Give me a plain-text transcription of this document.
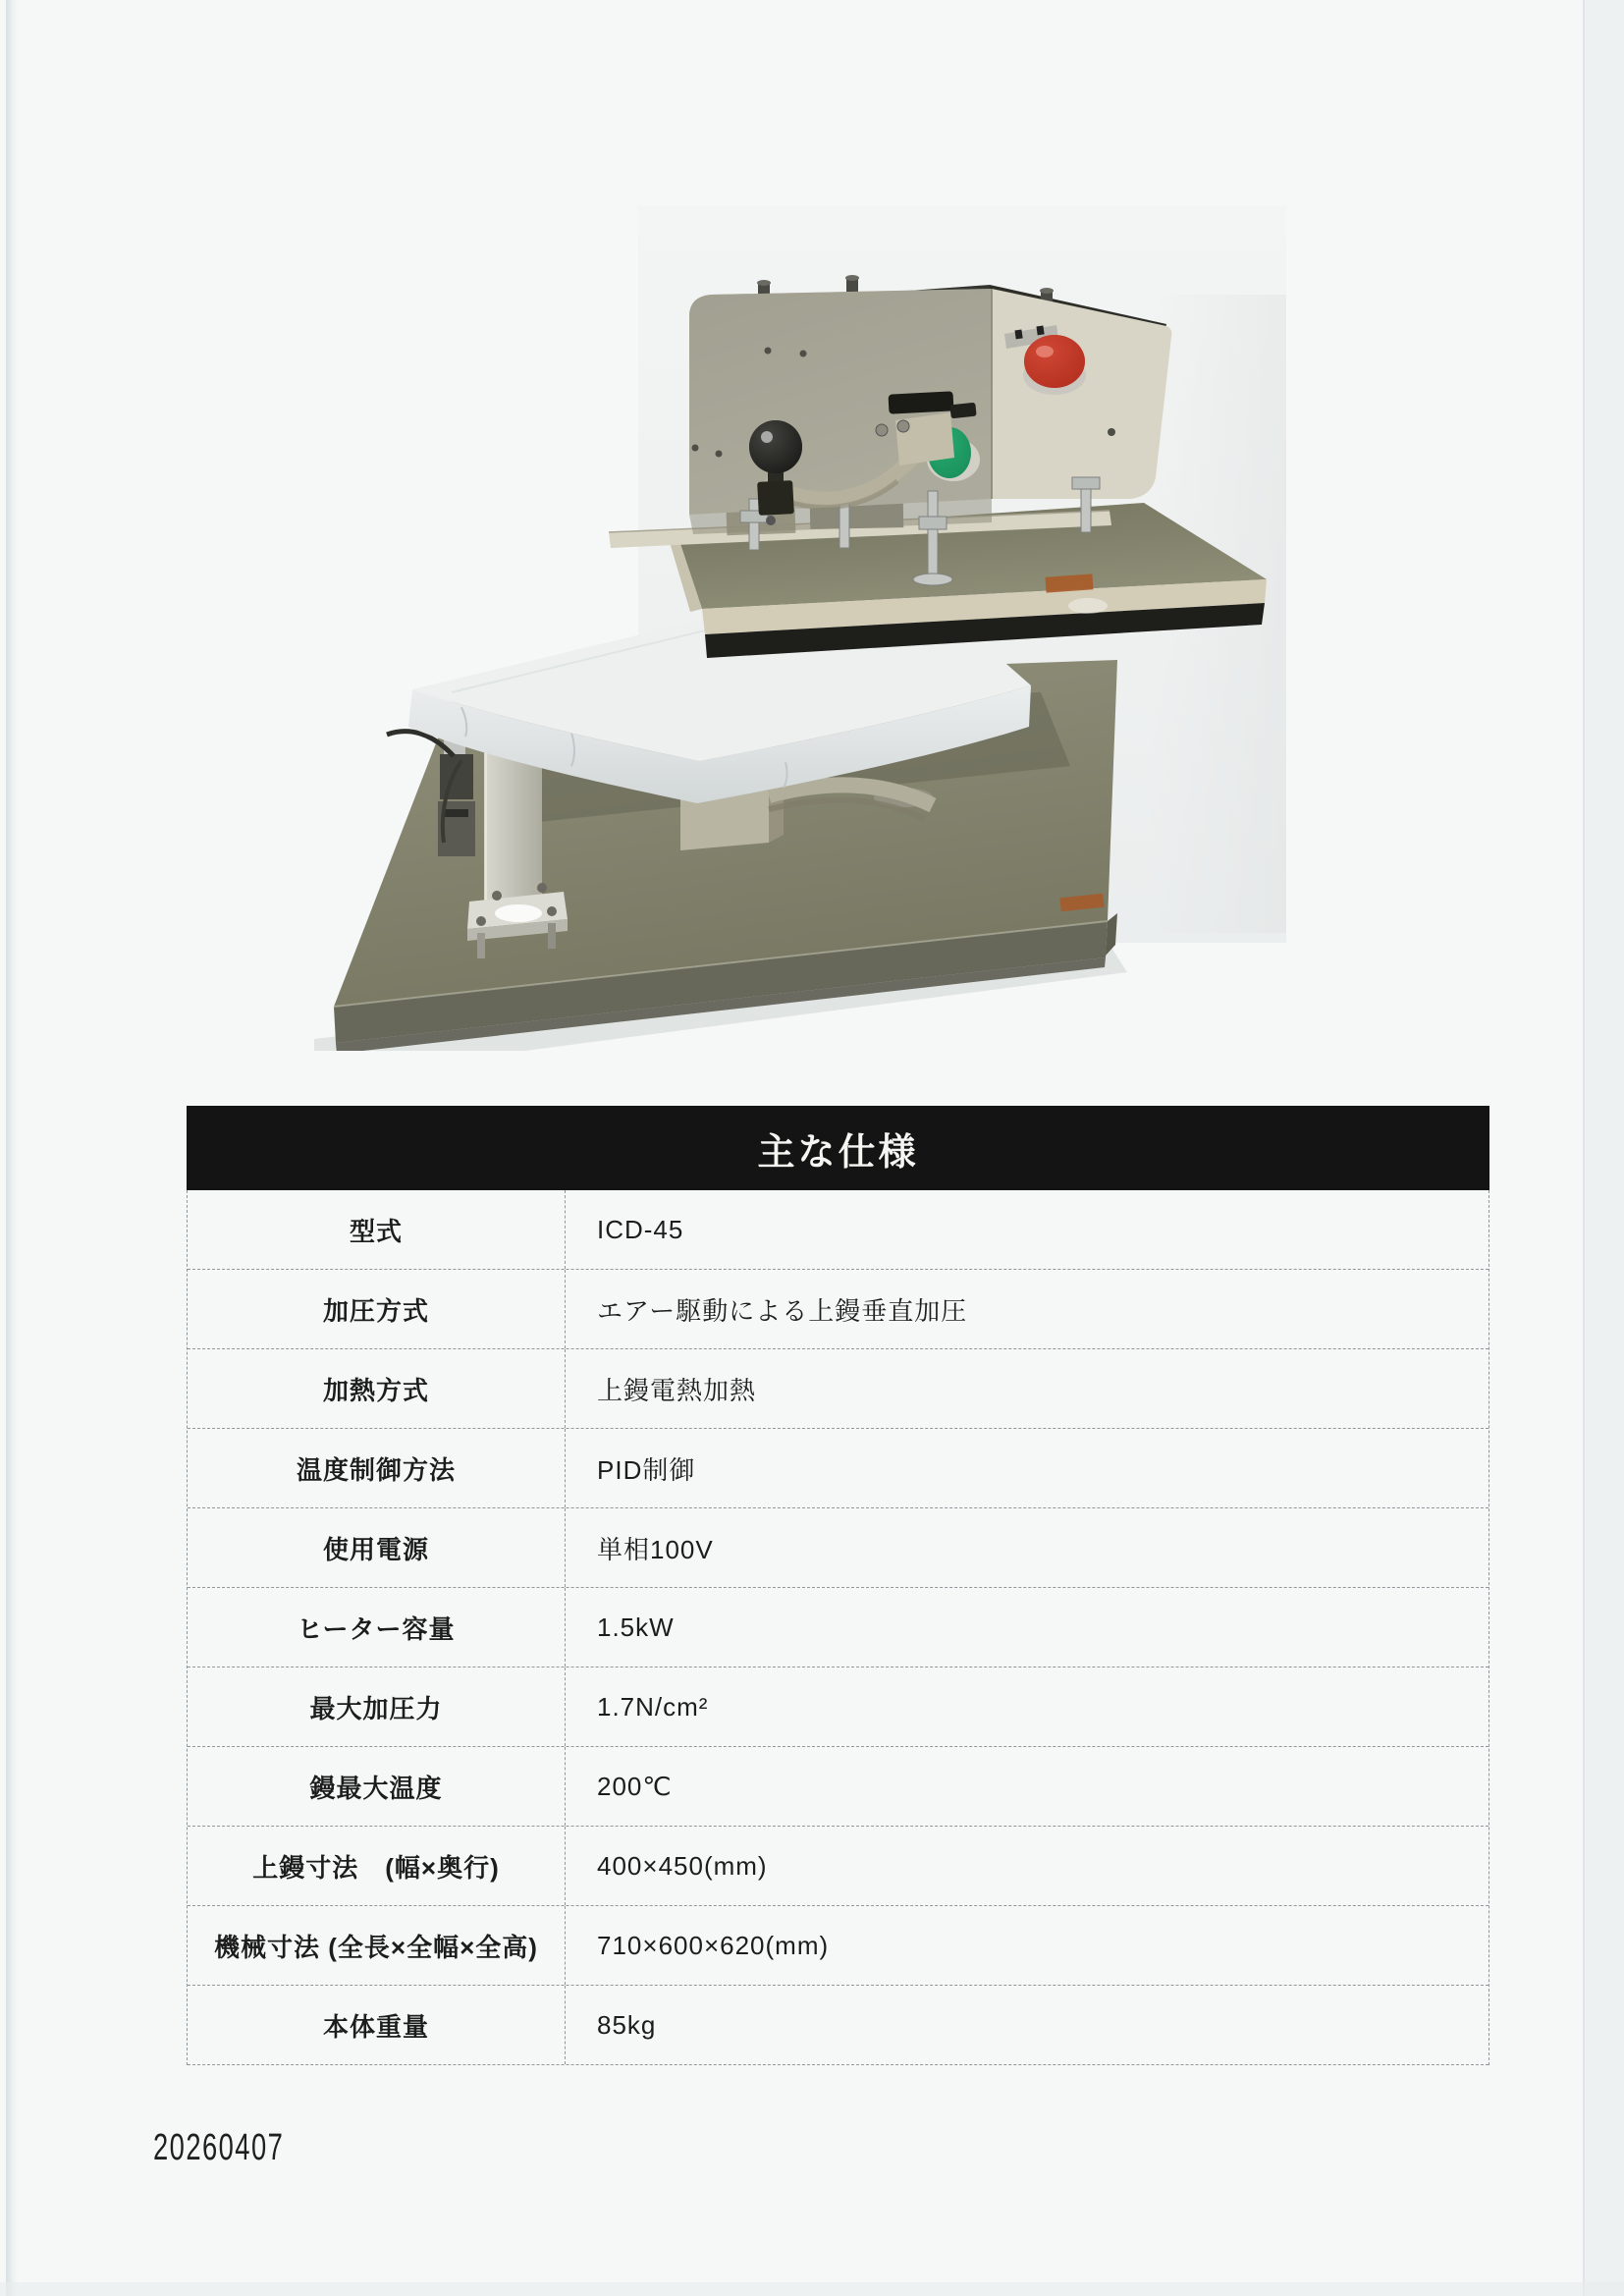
主な仕様
型式	ICD-45
加圧方式	エアー駆動による上鏝垂直加圧
加熱方式	上鏝電熱加熱
温度制御方法	PID制御
使用電源	単相100V
ヒーター容量	1.5kW
最大加圧力	1.7N/cm²
鏝最大温度	200℃
上鏝寸法　(幅×奥行)	400×450(mm)
機械寸法 (全長×全幅×全高)	710×600×620(mm)
本体重量	85kg
20260407
